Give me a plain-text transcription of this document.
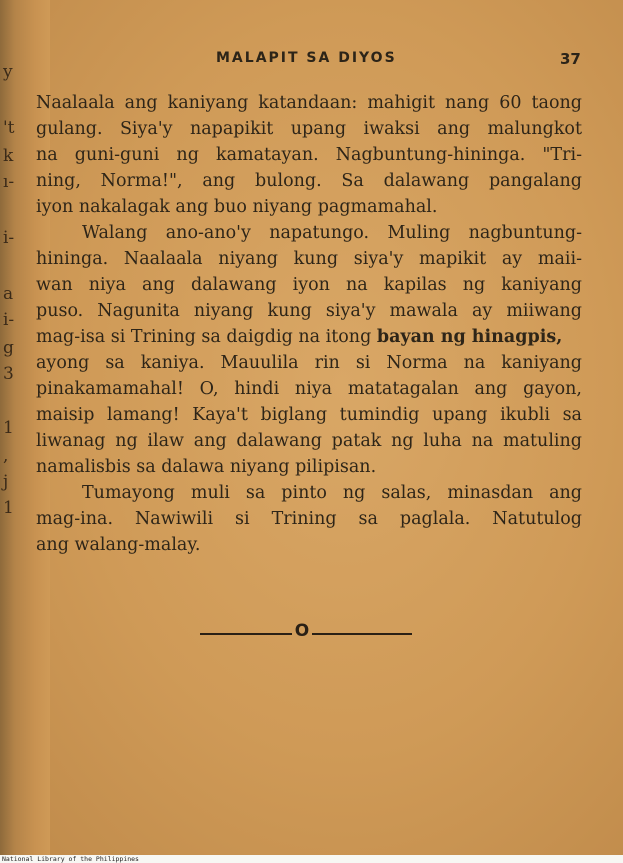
y
't
k
ı-
i-
a
i-
g
3
1
,
j
1
MALAPIT SA DIYOS	37
Naalaala ang kaniyang katandaan: mahigit nang 60 taong
gulang. Siya'y napapikit upang iwaksi ang malungkot
na guni-guni ng kamatayan. Nagbuntung-hininga. "Tri-
ning, Norma!", ang bulong. Sa dalawang pangalang
iyon nakalagak ang buo niyang pagmamahal.
Walang ano-ano'y napatungo. Muling nagbuntung-
hininga. Naalaala niyang kung siya'y mapikit ay maii-
wan niya ang dalawang iyon na kapilas ng kaniyang
puso. Nagunita niyang kung siya'y mawala ay miiwang
mag-isa si Trining sa daigdig na itong bayan ng hinagpis,
ayong sa kaniya. Mauulila rin si Norma na kaniyang
pinakamamahal! O, hindi niya matatagalan ang gayon,
maisip lamang! Kaya't biglang tumindig upang ikubli sa
liwanag ng ilaw ang dalawang patak ng luha na matuling
namalisbis sa dalawa niyang pilipisan.
Tumayong muli sa pinto ng salas, minasdan ang
mag-ina. Nawiwili si Trining sa paglala. Natutulog
ang walang-malay.
O
National Library of the Philippines
